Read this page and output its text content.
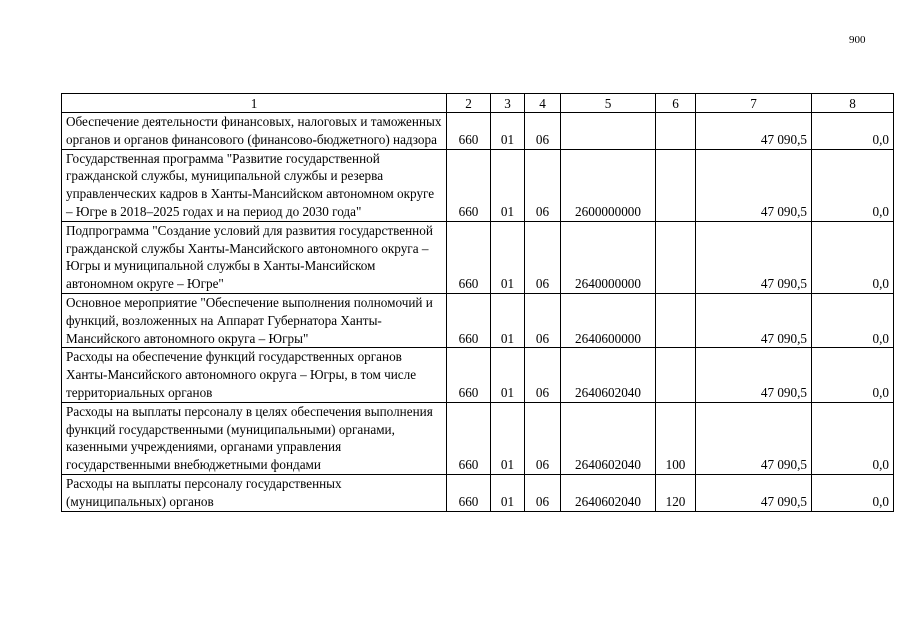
900
1	2	3	4	5	6	7	8
Обеспечение деятельности финансовых, налоговых и таможенных органов и органов финансового (финансово-бюджетного) надзора	660	01	06			47 090,5	0,0
Государственная программа "Развитие государственной гражданской службы, муниципальной службы и резерва управленческих кадров в Ханты-Мансийском автономном округе – Югре в 2018–2025 годах и на период до 2030 года"	660	01	06	2600000000		47 090,5	0,0
Подпрограмма "Создание условий для развития государственной гражданской службы Ханты-Мансийского автономного округа – Югры и муниципальной службы в Ханты-Мансийском автономном округе – Югре"	660	01	06	2640000000		47 090,5	0,0
Основное мероприятие "Обеспечение выполнения полномочий и функций, возложенных на Аппарат Губернатора Ханты-Мансийского автономного округа – Югры"	660	01	06	2640600000		47 090,5	0,0
Расходы на обеспечение функций государственных органов Ханты-Мансийского автономного округа – Югры, в том числе территориальных органов	660	01	06	2640602040		47 090,5	0,0
Расходы на выплаты персоналу в целях обеспечения выполнения функций государственными (муниципальными) органами, казенными учреждениями, органами управления государственными внебюджетными фондами	660	01	06	2640602040	100	47 090,5	0,0
Расходы на выплаты персоналу государственных (муниципальных) органов	660	01	06	2640602040	120	47 090,5	0,0
